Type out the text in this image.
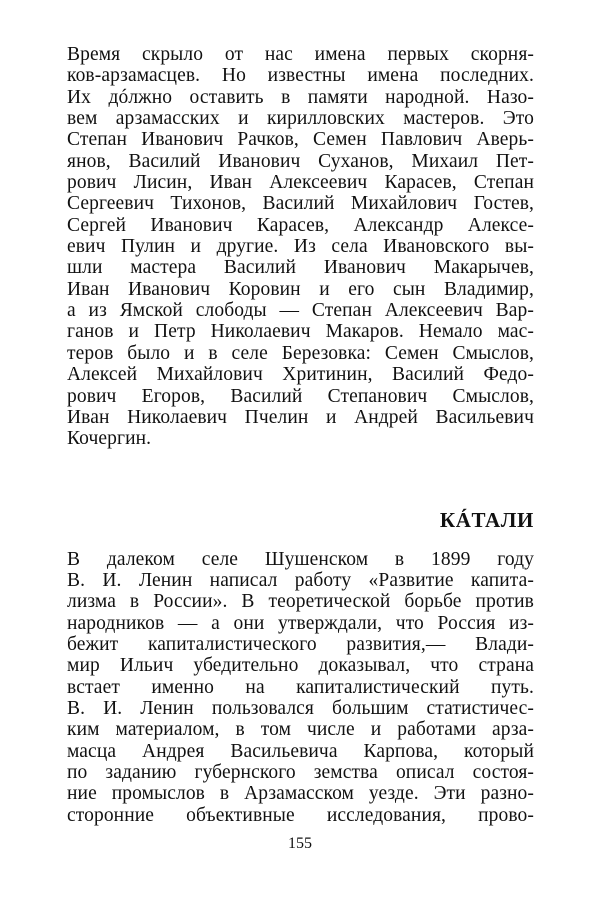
Время скрыло от нас имена первых скорня-
ков-арзамасцев. Но известны имена последних.
Их дóлжно оставить в памяти народной. Назо-
вем арзамасских и кирилловских мастеров. Это
Степан Иванович Рачков, Семен Павлович Аверь-
янов, Василий Иванович Суханов, Михаил Пет-
рович Лисин, Иван Алексеевич Карасев, Степан
Сергеевич Тихонов, Василий Михайлович Гостев,
Сергей Иванович Карасев, Александр Алексе-
евич Пулин и другие. Из села Ивановского вы-
шли мастера Василий Иванович Макарычев,
Иван Иванович Коровин и его сын Владимир,
а из Ямской слободы — Степан Алексеевич Вар-
ганов и Петр Николаевич Макаров. Немало мас-
теров было и в селе Березовка: Семен Смыслов,
Алексей Михайлович Хритинин, Василий Федо-
рович Егоров, Василий Степанович Смыслов,
Иван Николаевич Пчелин и Андрей Васильевич
Кочергин.
КÁТАЛИ
В далеком селе Шушенском в 1899 году
В. И. Ленин написал работу «Развитие капита-
лизма в России». В теоретической борьбе против
народников — а они утверждали, что Россия из-
бежит капиталистического развития,— Влади-
мир Ильич убедительно доказывал, что страна
встает именно на капиталистический путь.
В. И. Ленин пользовался большим статистичес-
ким материалом, в том числе и работами арза-
масца Андрея Васильевича Карпова, который
по заданию губернского земства описал состоя-
ние промыслов в Арзамасском уезде. Эти разно-
сторонние объективные исследования, прово-
155
